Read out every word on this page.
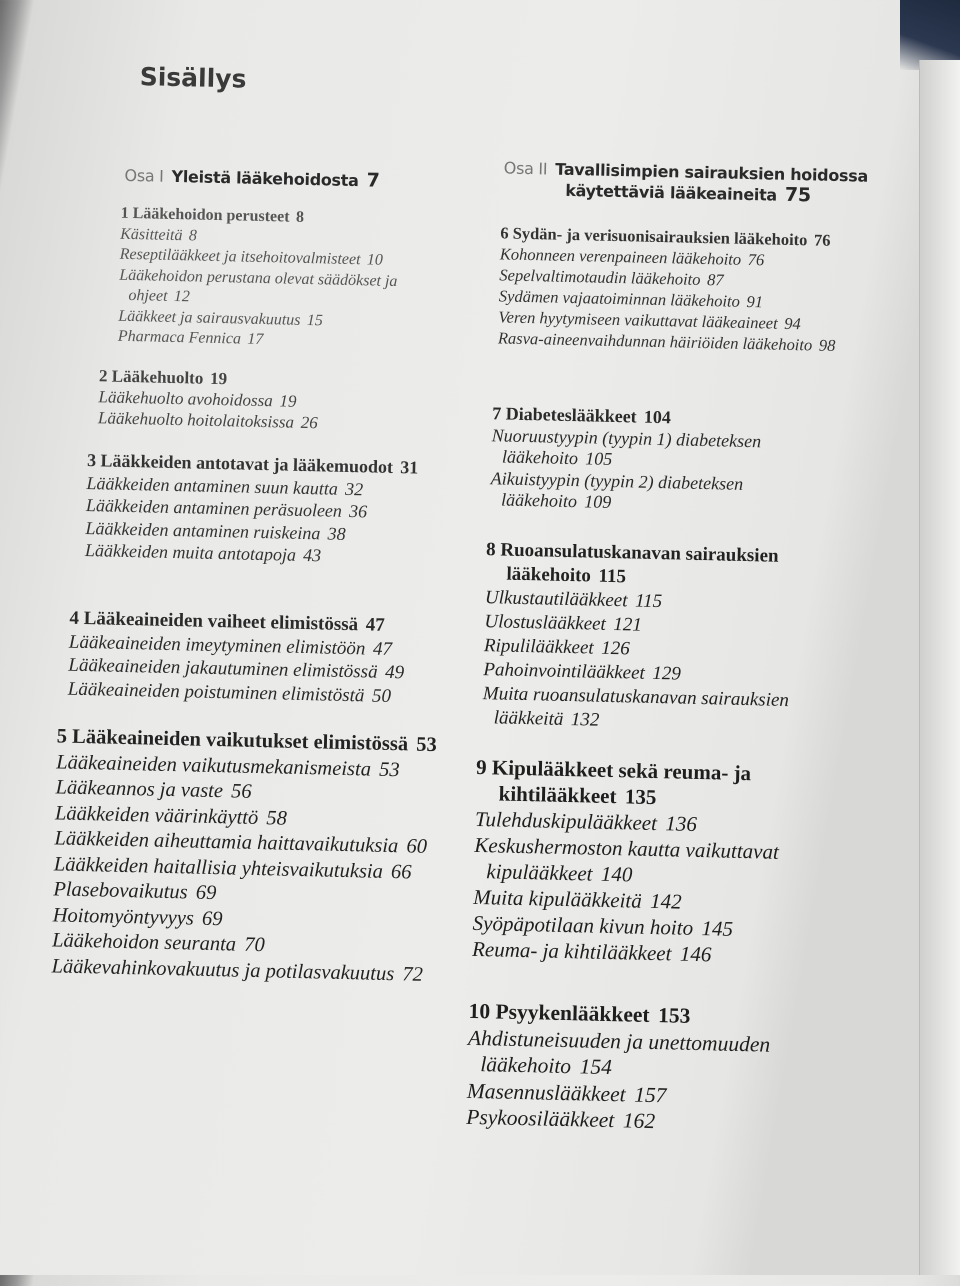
Sisällys
Osa I Yleistä lääkehoidosta 7
Osa II Tavallisimpien sairauksien hoidossa
käytettäviä lääkeaineita 75
1 Lääkehoidon perusteet 8
Käsitteitä 8
Reseptilääkkeet ja itsehoitovalmisteet 10
Lääkehoidon perustana olevat säädökset ja ohjeet 12
Lääkkeet ja sairausvakuutus 15
Pharmaca Fennica 17
2 Lääkehuolto 19
Lääkehuolto avohoidossa 19
Lääkehuolto hoitolaitoksissa 26
3 Lääkkeiden antotavat ja lääkemuodot 31
Lääkkeiden antaminen suun kautta 32
Lääkkeiden antaminen peräsuoleen 36
Lääkkeiden antaminen ruiskeina 38
Lääkkeiden muita antotapoja 43
4 Lääkeaineiden vaiheet elimistössä 47
Lääkeaineiden imeytyminen elimistöön 47
Lääkeaineiden jakautuminen elimistössä 49
Lääkeaineiden poistuminen elimistöstä 50
5 Lääkeaineiden vaikutukset elimistössä 53
Lääkeaineiden vaikutusmekanismeista 53
Lääkeannos ja vaste 56
Lääkkeiden väärinkäyttö 58
Lääkkeiden aiheuttamia haittavaikutuksia 60
Lääkkeiden haitallisia yhteisvaikutuksia 66
Plasebovaikutus 69
Hoitomyöntyvyys 69
Lääkehoidon seuranta 70
Lääkevahinkovakuutus ja potilasvakuutus 72
6 Sydän- ja verisuonisairauksien lääkehoito 76
Kohonneen verenpaineen lääkehoito 76
Sepelvaltimotaudin lääkehoito 87
Sydämen vajaatoiminnan lääkehoito 91
Veren hyytymiseen vaikuttavat lääkeaineet 94
Rasva-aineenvaihdunnan häiriöiden lääkehoito 98
7 Diabeteslääkkeet 104
Nuoruustyypin (tyypin 1) diabeteksen lääkehoito 105
Aikuistyypin (tyypin 2) diabeteksen lääkehoito 109
8 Ruoansulatuskanavan sairauksien lääkehoito 115
Ulkustautilääkkeet 115
Ulostuslääkkeet 121
Ripulilääkkeet 126
Pahoinvointilääkkeet 129
Muita ruoansulatuskanavan sairauksien lääkkeitä 132
9 Kipulääkkeet sekä reuma- ja kihtilääkkeet 135
Tulehduskipulääkkeet 136
Keskushermoston kautta vaikuttavat kipulääkkeet 140
Muita kipulääkkeitä 142
Syöpäpotilaan kivun hoito 145
Reuma- ja kihtilääkkeet 146
10 Psyykenlääkkeet 153
Ahdistuneisuuden ja unettomuuden lääkehoito 154
Masennuslääkkeet 157
Psykoosilääkkeet 162
